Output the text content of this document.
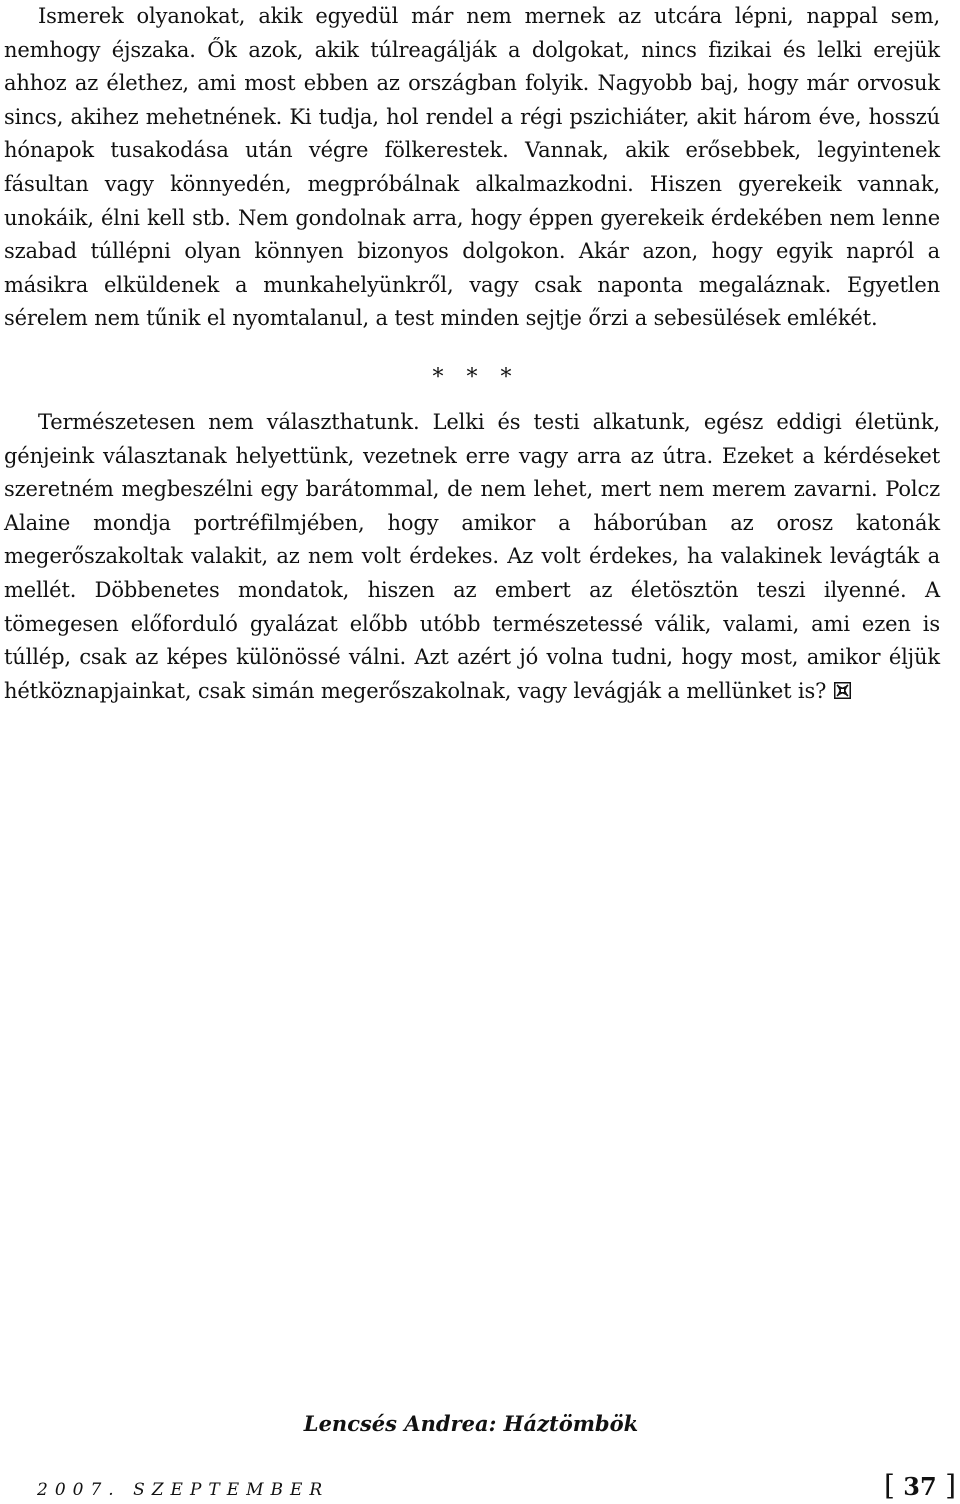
Ismerek olyanokat, akik egyedül már nem mernek az utcára lépni, nappal sem, nemhogy éjszaka. Ők azok, akik túlreagálják a dolgokat, nincs fizikai és lelki erejük ahhoz az élethez, ami most ebben az országban folyik. Nagyobb baj, hogy már orvosuk sincs, akihez mehetnének. Ki tudja, hol rendel a régi pszichiáter, akit három éve, hosszú hónapok tusakodása után végre fölkerestek. Vannak, akik erősebbek, legyintenek fásultan vagy könnyedén, megpróbálnak alkalmazkodni. Hiszen gyerekeik vannak, unokáik, élni kell stb. Nem gondolnak arra, hogy éppen gyerekeik érdekében nem lenne szabad túllépni olyan könnyen bizonyos dolgokon. Akár azon, hogy egyik napról a másikra elküldenek a munkahelyünkről, vagy csak naponta megaláznak. Egyetlen sérelem nem tűnik el nyomtalanul, a test minden sejtje őrzi a sebesülések emlékét.

* * *

Természetesen nem választhatunk. Lelki és testi alkatunk, egész eddigi életünk, génjeink választanak helyettünk, vezetnek erre vagy arra az útra. Ezeket a kérdéseket szeretném megbeszélni egy barátommal, de nem lehet, mert nem merem zavarni. Polcz Alaine mondja portréfilmjében, hogy amikor a háborúban az orosz katonák megerőszakoltak valakit, az nem volt érdekes. Az volt érdekes, ha valakinek levágták a mellét. Döbbenetes mondatok, hiszen az embert az életösztön teszi ilyenné. A tömegesen előforduló gyalázat előbb utóbb természetessé válik, valami, ami ezen is túllép, csak az képes különössé válni. Azt azért jó volna tudni, hogy most, amikor éljük hétköznapjainkat, csak simán megerőszakolnak, vagy levágják a mellünket is?

Lencsés Andrea: Háztömbök
2007. SZEPTEMBER	[ 37 ]
